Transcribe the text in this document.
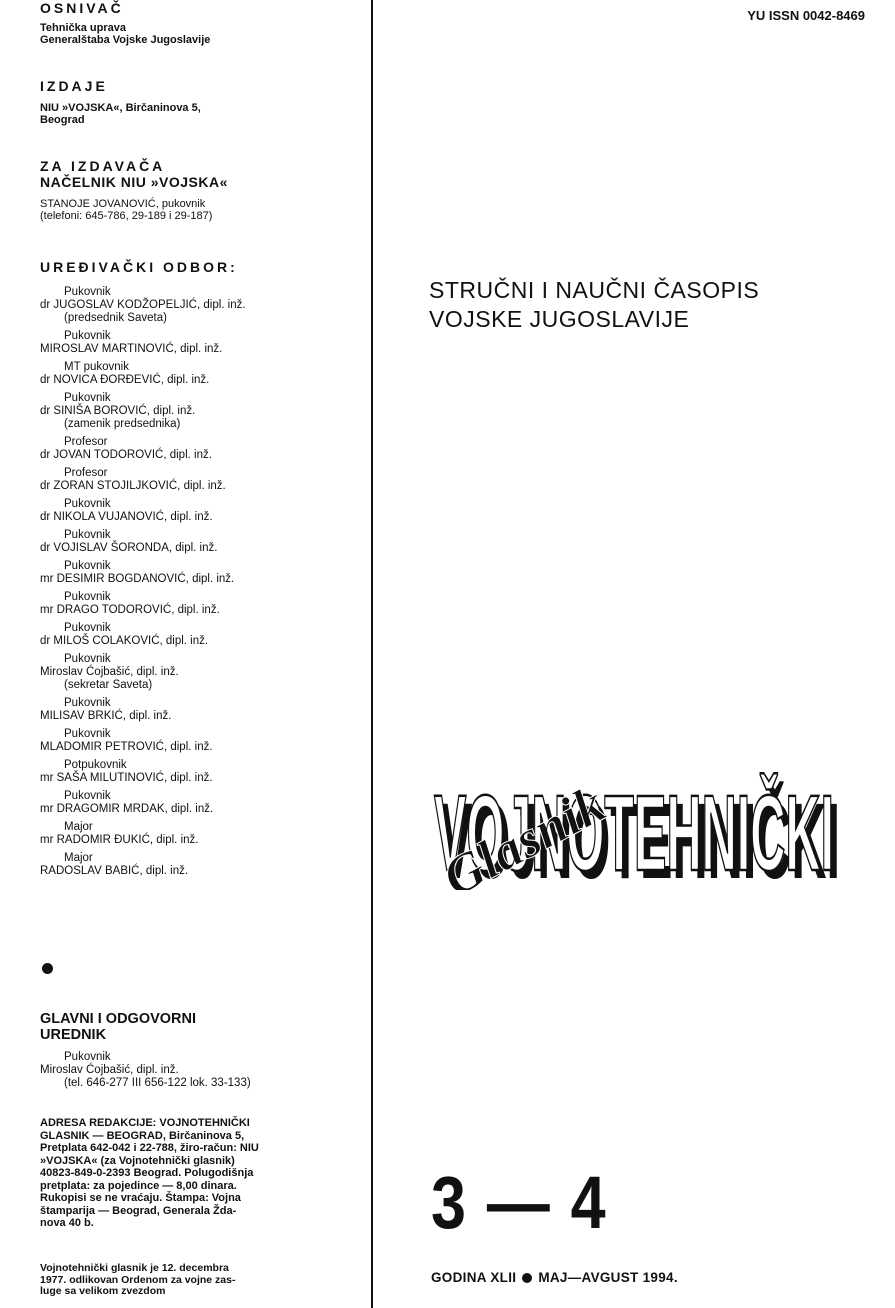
OSNIVAČ

Tehnička uprava
Generalštaba Vojske Jugoslavije

IZDAJE

NIU »VOJSKA«, Birčaninova 5,
Beograd

ZA IZDAVAČA

NAČELNIK NIU »VOJSKA«

STANOJE JOVANOVIĆ, pukovnik
(telefoni: 645-786, 29-189 i 29-187)

UREĐIVAČKI ODBOR:

Pukovnik
dr JUGOSLAV KODŽOPELJIĆ, dipl. inž.
(predsednik Saveta)
Pukovnik
MIROSLAV MARTINOVIĆ, dipl. inž.
MT pukovnik
dr NOVICA ĐORĐEVIĆ, dipl. inž.
Pukovnik
dr SINIŠA BOROVIĆ, dipl. inž.
(zamenik predsednika)
Profesor
dr JOVAN TODOROVIĆ, dipl. inž.
Profesor
dr ZORAN STOJILJKOVIĆ, dipl. inž.
Pukovnik
dr NIKOLA VUJANOVIĆ, dipl. inž.
Pukovnik
dr VOJISLAV ŠORONDA, dipl. inž.
Pukovnik
mr DESIMIR BOGDANOVIĆ, dipl. inž.
Pukovnik
mr DRAGO TODOROVIĆ, dipl. inž.
Pukovnik
dr MILOŠ COLAKOVIĆ, dipl. inž.
Pukovnik
Miroslav Ćojbašić, dipl. inž.
(sekretar Saveta)
Pukovnik
MILISAV BRKIĆ, dipl. inž.
Pukovnik
MLADOMIR PETROVIĆ, dipl. inž.
Potpukovnik
mr SAŠA MILUTINOVIĆ, dipl. inž.
Pukovnik
mr DRAGOMIR MRDAK, dipl. inž.
Major
mr RADOMIR ĐUKIĆ, dipl. inž.
Major
RADOSLAV BABIĆ, dipl. inž.
GLAVNI I ODGOVORNI
UREDNIK
Pukovnik
Miroslav Ćojbašić, dipl. inž.
(tel. 646-277 III 656-122 lok. 33-133)
ADRESA REDAKCIJE: VOJNOTEHNIČKI
GLASNIK — BEOGRAD, Birčaninova 5,
Pretplata 642-042 i 22-788, žiro-račun: NIU
»VOJSKA« (za Vojnotehnički glasnik)
40823-849-0-2393 Beograd. Polugodišnja
pretplata: za pojedince — 8,00 dinara.
Rukopisi se ne vraćaju. Štampa: Vojna
štamparija — Beograd, Generala Žda-
nova 40 b.
Vojnotehnički glasnik je 12. decembra
1977. odlikovan Ordenom za vojne zas-
luge sa velikom zvezdom
YU ISSN 0042-8469
STRUČNI I NAUČNI ČASOPIS
VOJSKE JUGOSLAVIJE
VOJNOTEHNIČKI
VOJNOTEHNIČKI
Glasnik
3 — 4
GODINA XLII MAJ—AVGUST 1994.
